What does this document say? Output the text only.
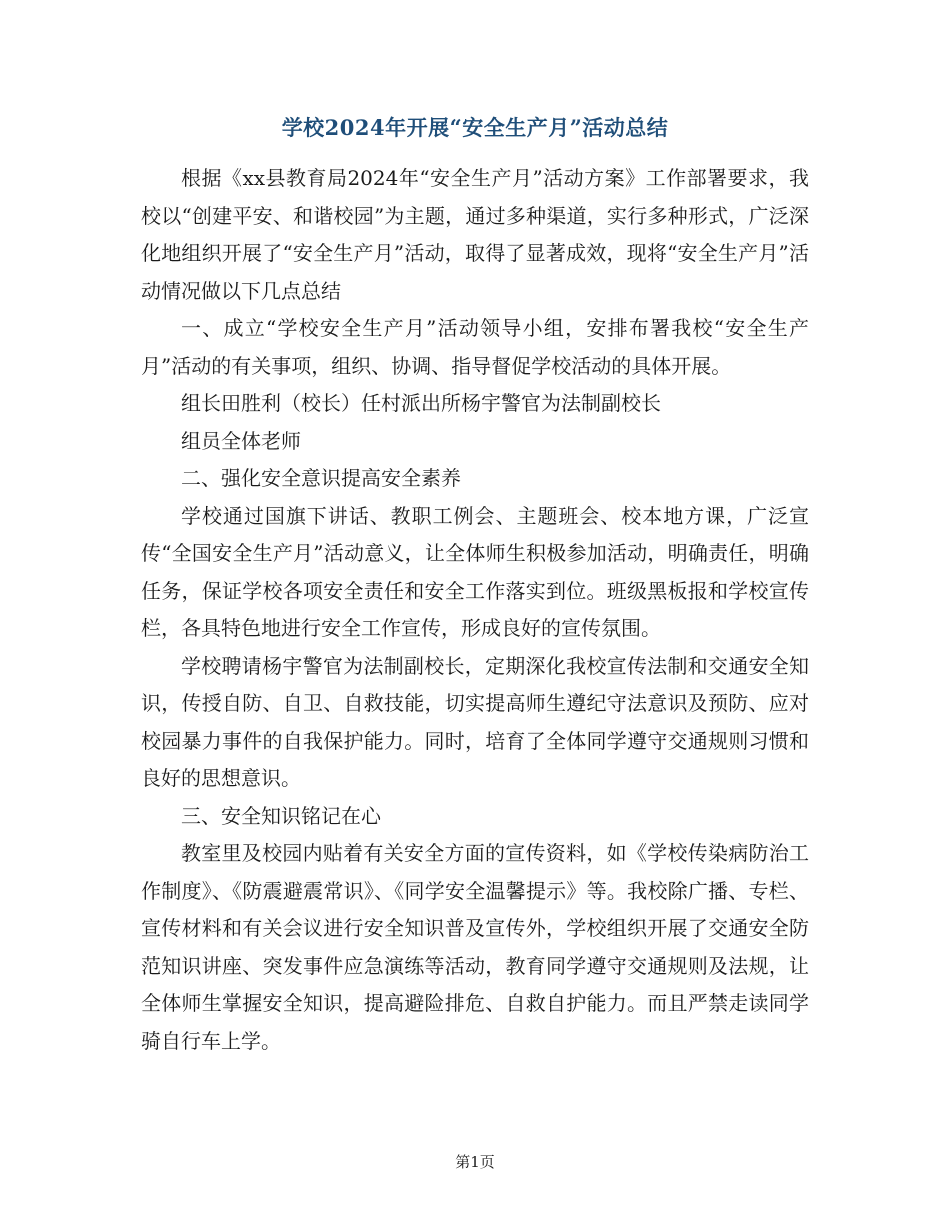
学校2024年开展“安全生产月”活动总结

根据《xx县教育局2024年“安全生产月”活动方案》工作部署要求，我校以“创建平安、和谐校园”为主题，通过多种渠道，实行多种形式，广泛深化地组织开展了“安全生产月”活动，取得了显著成效，现将“安全生产月”活动情况做以下几点总结

一、成立“学校安全生产月”活动领导小组，安排布署我校“安全生产月”活动的有关事项，组织、协调、指导督促学校活动的具体开展。

组长田胜利（校长）任村派出所杨宇警官为法制副校长

组员全体老师

二、强化安全意识提高安全素养

学校通过国旗下讲话、教职工例会、主题班会、校本地方课，广泛宣传“全国安全生产月”活动意义，让全体师生积极参加活动，明确责任，明确任务，保证学校各项安全责任和安全工作落实到位。班级黑板报和学校宣传栏，各具特色地进行安全工作宣传，形成良好的宣传氛围。

学校聘请杨宇警官为法制副校长，定期深化我校宣传法制和交通安全知识，传授自防、自卫、自救技能，切实提高师生遵纪守法意识及预防、应对校园暴力事件的自我保护能力。同时，培育了全体同学遵守交通规则习惯和良好的思想意识。

三、安全知识铭记在心

教室里及校园内贴着有关安全方面的宣传资料，如《学校传染病防治工作制度》、《防震避震常识》、《同学安全温馨提示》等。我校除广播、专栏、宣传材料和有关会议进行安全知识普及宣传外，学校组织开展了交通安全防范知识讲座、突发事件应急演练等活动，教育同学遵守交通规则及法规，让全体师生掌握安全知识，提高避险排危、自救自护能力。而且严禁走读同学骑自行车上学。

第1页
